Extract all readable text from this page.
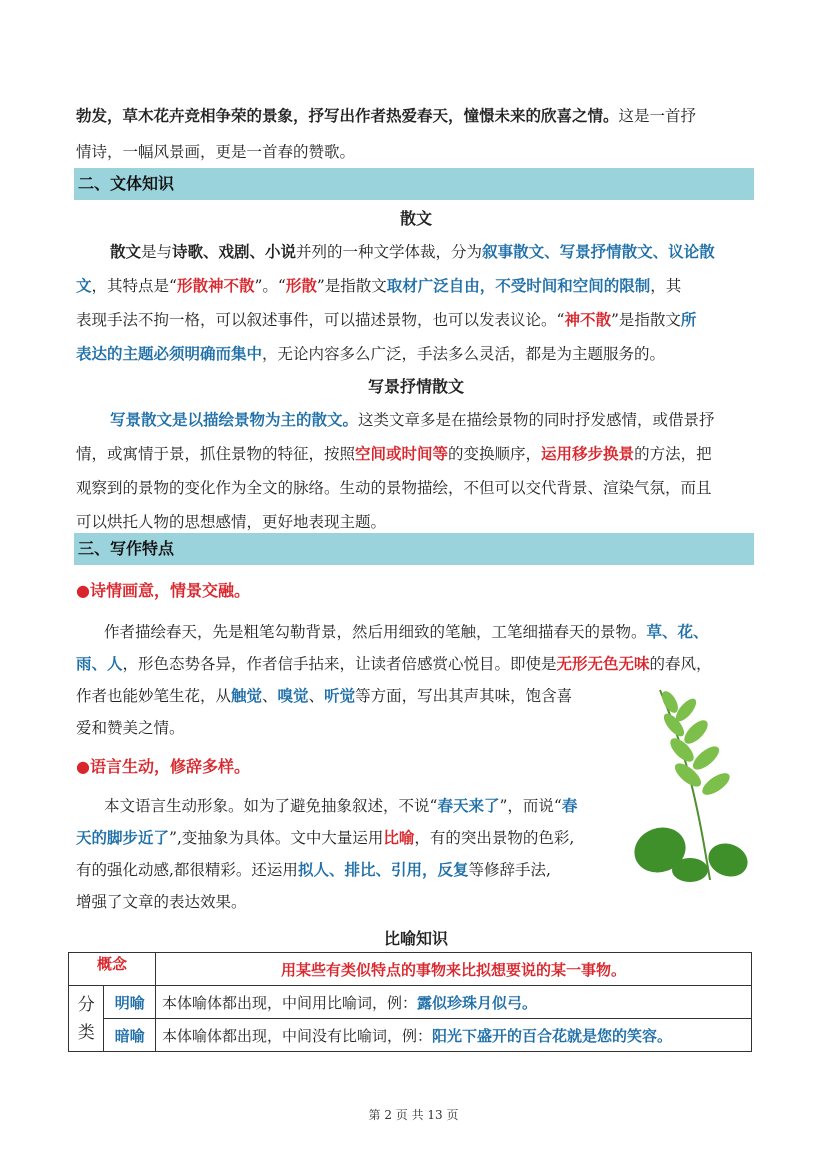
勃发，草木花卉竞相争荣的景象，抒写出作者热爱春天，憧憬未来的欣喜之情。这是一首抒
情诗，一幅风景画，更是一首春的赞歌。
二、文体知识
散文
散文是与诗歌、戏剧、小说并列的一种文学体裁，分为叙事散文、写景抒情散文、议论散
文，其特点是“形散神不散”。“形散”是指散文取材广泛自由，不受时间和空间的限制，其
表现手法不拘一格，可以叙述事件，可以描述景物，也可以发表议论。“神不散”是指散文所
表达的主题必须明确而集中，无论内容多么广泛，手法多么灵活，都是为主题服务的。
写景抒情散文
写景散文是以描绘景物为主的散文。这类文章多是在描绘景物的同时抒发感情，或借景抒
情，或寓情于景，抓住景物的特征，按照空间或时间等的变换顺序，运用移步换景的方法，把
观察到的景物的变化作为全文的脉络。生动的景物描绘，不但可以交代背景、渲染气氛，而且
可以烘托人物的思想感情，更好地表现主题。
三、写作特点
●诗情画意，情景交融。
作者描绘春天，先是粗笔勾勒背景，然后用细致的笔触，工笔细描春天的景物。草、花、
雨、人，形色态势各异，作者信手拈来，让读者倍感赏心悦目。即使是无形无色无味的春风，
作者也能妙笔生花，从触觉、嗅觉、听觉等方面，写出其声其味，饱含喜
爱和赞美之情。
●语言生动，修辞多样。
本文语言生动形象。如为了避免抽象叙述，不说“春天来了”，而说“春
天的脚步近了”,变抽象为具体。文中大量运用比喻，有的突出景物的色彩,
有的强化动感,都很精彩。还运用拟人、排比、引用，反复等修辞手法,
增强了文章的表达效果。
比喻知识
概念		用某些有类似特点的事物来比拟想要说的某一事物。
分类	明喻	本体喻体都出现，中间用比喻词，例：露似珍珠月似弓。
	暗喻	本体喻体都出现，中间没有比喻词，例：阳光下盛开的百合花就是您的笑容。
第 2 页 共 13 页
